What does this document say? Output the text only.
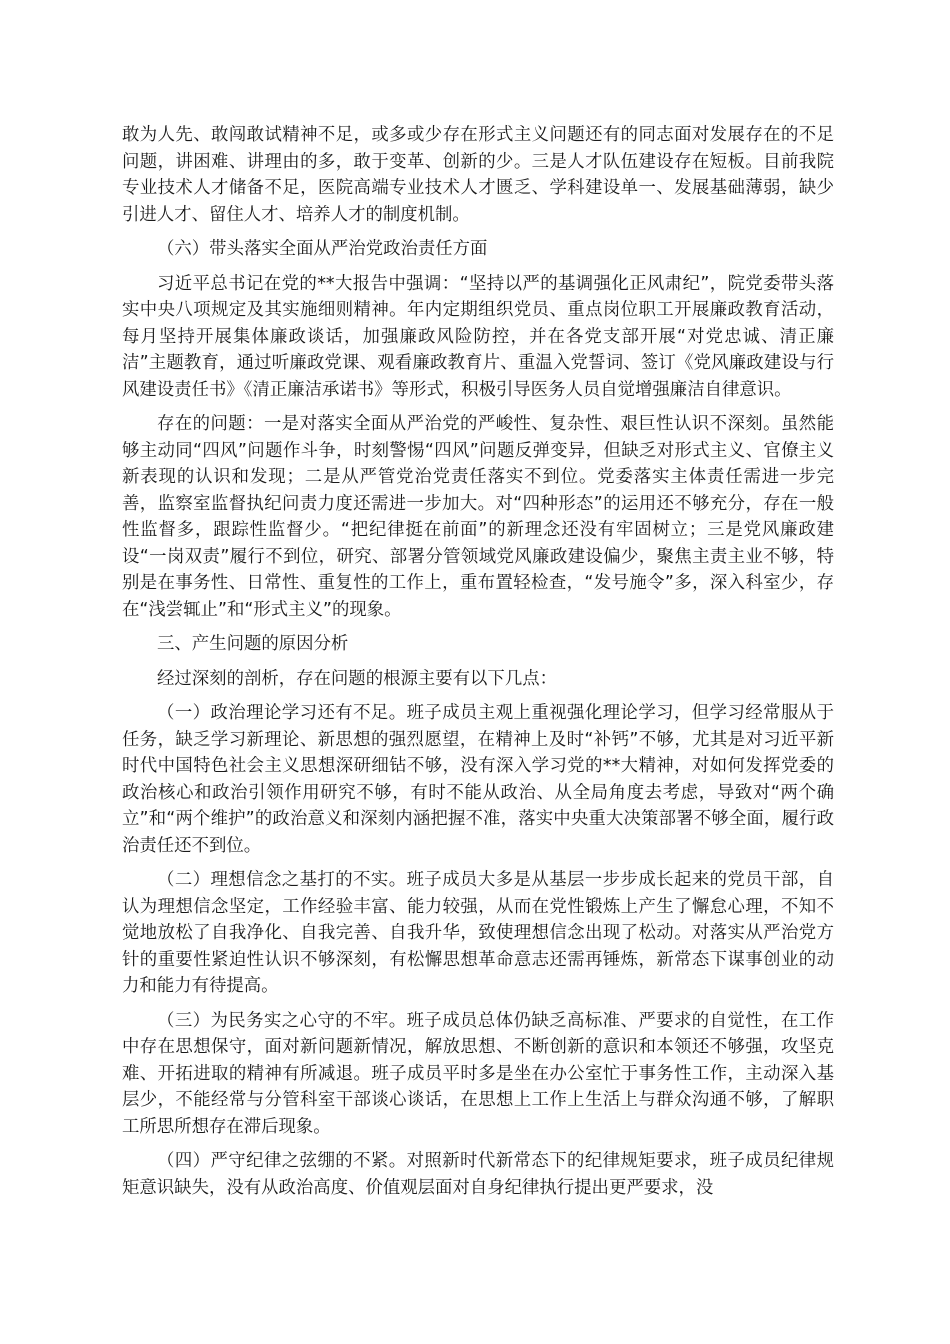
敢为人先、敢闯敢试精神不足，或多或少存在形式主义问题还有的同志面对发展存在的不足问题，讲困难、讲理由的多，敢于变革、创新的少。三是人才队伍建设存在短板。目前我院专业技术人才储备不足，医院高端专业技术人才匮乏、学科建设单一、发展基础薄弱，缺少引进人才、留住人才、培养人才的制度机制。

（六）带头落实全面从严治党政治责任方面

习近平总书记在党的**大报告中强调：“坚持以严的基调强化正风肃纪”，院党委带头落实中央八项规定及其实施细则精神。年内定期组织党员、重点岗位职工开展廉政教育活动，每月坚持开展集体廉政谈话，加强廉政风险防控，并在各党支部开展“对党忠诚、清正廉洁”主题教育，通过听廉政党课、观看廉政教育片、重温入党誓词、签订《党风廉政建设与行风建设责任书》《清正廉洁承诺书》等形式，积极引导医务人员自觉增强廉洁自律意识。

存在的问题：一是对落实全面从严治党的严峻性、复杂性、艰巨性认识不深刻。虽然能够主动同“四风”问题作斗争，时刻警惕“四风”问题反弹变异，但缺乏对形式主义、官僚主义新表现的认识和发现；二是从严管党治党责任落实不到位。党委落实主体责任需进一步完善，监察室监督执纪问责力度还需进一步加大。对“四种形态”的运用还不够充分，存在一般性监督多，跟踪性监督少。“把纪律挺在前面”的新理念还没有牢固树立；三是党风廉政建设“一岗双责”履行不到位，研究、部署分管领域党风廉政建设偏少，聚焦主责主业不够，特别是在事务性、日常性、重复性的工作上，重布置轻检查，“发号施令”多，深入科室少，存在“浅尝辄止”和“形式主义”的现象。

三、产生问题的原因分析

经过深刻的剖析，存在问题的根源主要有以下几点：

（一）政治理论学习还有不足。班子成员主观上重视强化理论学习，但学习经常服从于任务，缺乏学习新理论、新思想的强烈愿望，在精神上及时“补钙”不够，尤其是对习近平新时代中国特色社会主义思想深研细钻不够，没有深入学习党的**大精神，对如何发挥党委的政治核心和政治引领作用研究不够，有时不能从政治、从全局角度去考虑，导致对“两个确立”和“两个维护”的政治意义和深刻内涵把握不准，落实中央重大决策部署不够全面，履行政治责任还不到位。

（二）理想信念之基打的不实。班子成员大多是从基层一步步成长起来的党员干部，自认为理想信念坚定，工作经验丰富、能力较强，从而在党性锻炼上产生了懈怠心理，不知不觉地放松了自我净化、自我完善、自我升华，致使理想信念出现了松动。对落实从严治党方针的重要性紧迫性认识不够深刻，有松懈思想革命意志还需再锤炼，新常态下谋事创业的动力和能力有待提高。

（三）为民务实之心守的不牢。班子成员总体仍缺乏高标准、严要求的自觉性，在工作中存在思想保守，面对新问题新情况，解放思想、不断创新的意识和本领还不够强，攻坚克难、开拓进取的精神有所减退。班子成员平时多是坐在办公室忙于事务性工作，主动深入基层少，不能经常与分管科室干部谈心谈话，在思想上工作上生活上与群众沟通不够，了解职工所思所想存在滞后现象。

（四）严守纪律之弦绷的不紧。对照新时代新常态下的纪律规矩要求，班子成员纪律规矩意识缺失，没有从政治高度、价值观层面对自身纪律执行提出更严要求，没
